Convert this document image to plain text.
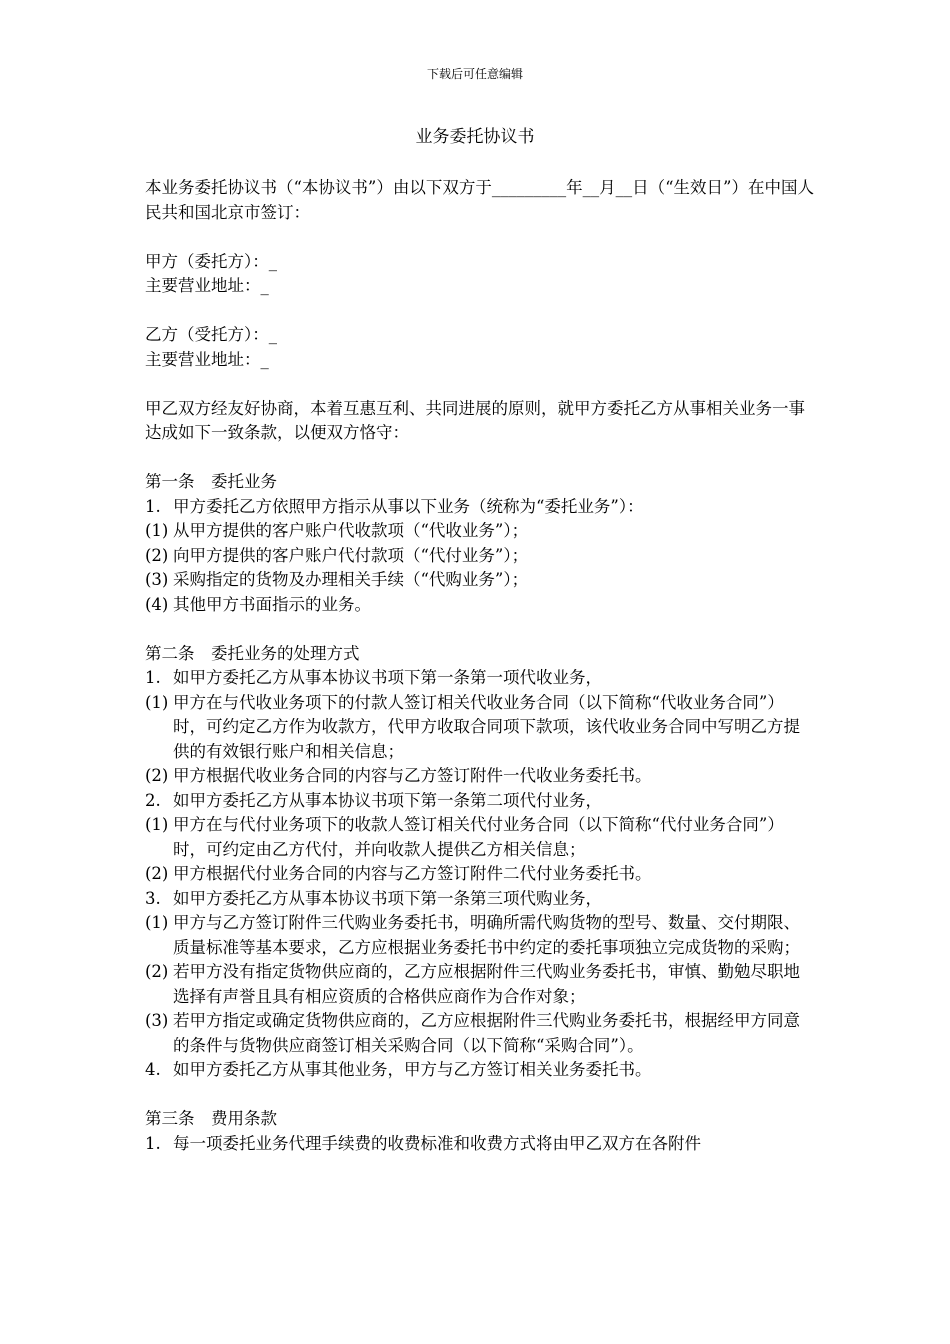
下载后可任意编辑
业务委托协议书

本业务委托协议书（“本协议书”）由以下双方于_________年__月__日（“生效日”）在中国人民共和国北京市签订：

甲方（委托方）：_

主要营业地址：_

乙方（受托方）：_

主要营业地址：_

甲乙双方经友好协商，本着互惠互利、共同进展的原则，就甲方委托乙方从事相关业务一事达成如下一致条款，以便双方恪守：

第一条　委托业务

1. 甲方委托乙方依照甲方指示从事以下业务（统称为“委托业务”）：
(1) 从甲方提供的客户账户代收款项（“代收业务”）；
(2) 向甲方提供的客户账户代付款项（“代付业务”）；
(3) 采购指定的货物及办理相关手续（“代购业务”）；
(4) 其他甲方书面指示的业务。

第二条　委托业务的处理方式

1. 如甲方委托乙方从事本协议书项下第一条第一项代收业务，
(1) 甲方在与代收业务项下的付款人签订相关代收业务合同（以下简称“代收业务合同”）时，可约定乙方作为收款方，代甲方收取合同项下款项，该代收业务合同中写明乙方提供的有效银行账户和相关信息；
(2) 甲方根据代收业务合同的内容与乙方签订附件一代收业务委托书。
2. 如甲方委托乙方从事本协议书项下第一条第二项代付业务，
(1) 甲方在与代付业务项下的收款人签订相关代付业务合同（以下简称“代付业务合同”）时，可约定由乙方代付，并向收款人提供乙方相关信息；
(2) 甲方根据代付业务合同的内容与乙方签订附件二代付业务委托书。
3. 如甲方委托乙方从事本协议书项下第一条第三项代购业务，
(1) 甲方与乙方签订附件三代购业务委托书，明确所需代购货物的型号、数量、交付期限、质量标准等基本要求，乙方应根据业务委托书中约定的委托事项独立完成货物的采购；
(2) 若甲方没有指定货物供应商的，乙方应根据附件三代购业务委托书，审慎、勤勉尽职地选择有声誉且具有相应资质的合格供应商作为合作对象；
(3) 若甲方指定或确定货物供应商的，乙方应根据附件三代购业务委托书，根据经甲方同意的条件与货物供应商签订相关采购合同（以下简称“采购合同”）。
4. 如甲方委托乙方从事其他业务，甲方与乙方签订相关业务委托书。

第三条　费用条款

1. 每一项委托业务代理手续费的收费标准和收费方式将由甲乙双方在各附件
